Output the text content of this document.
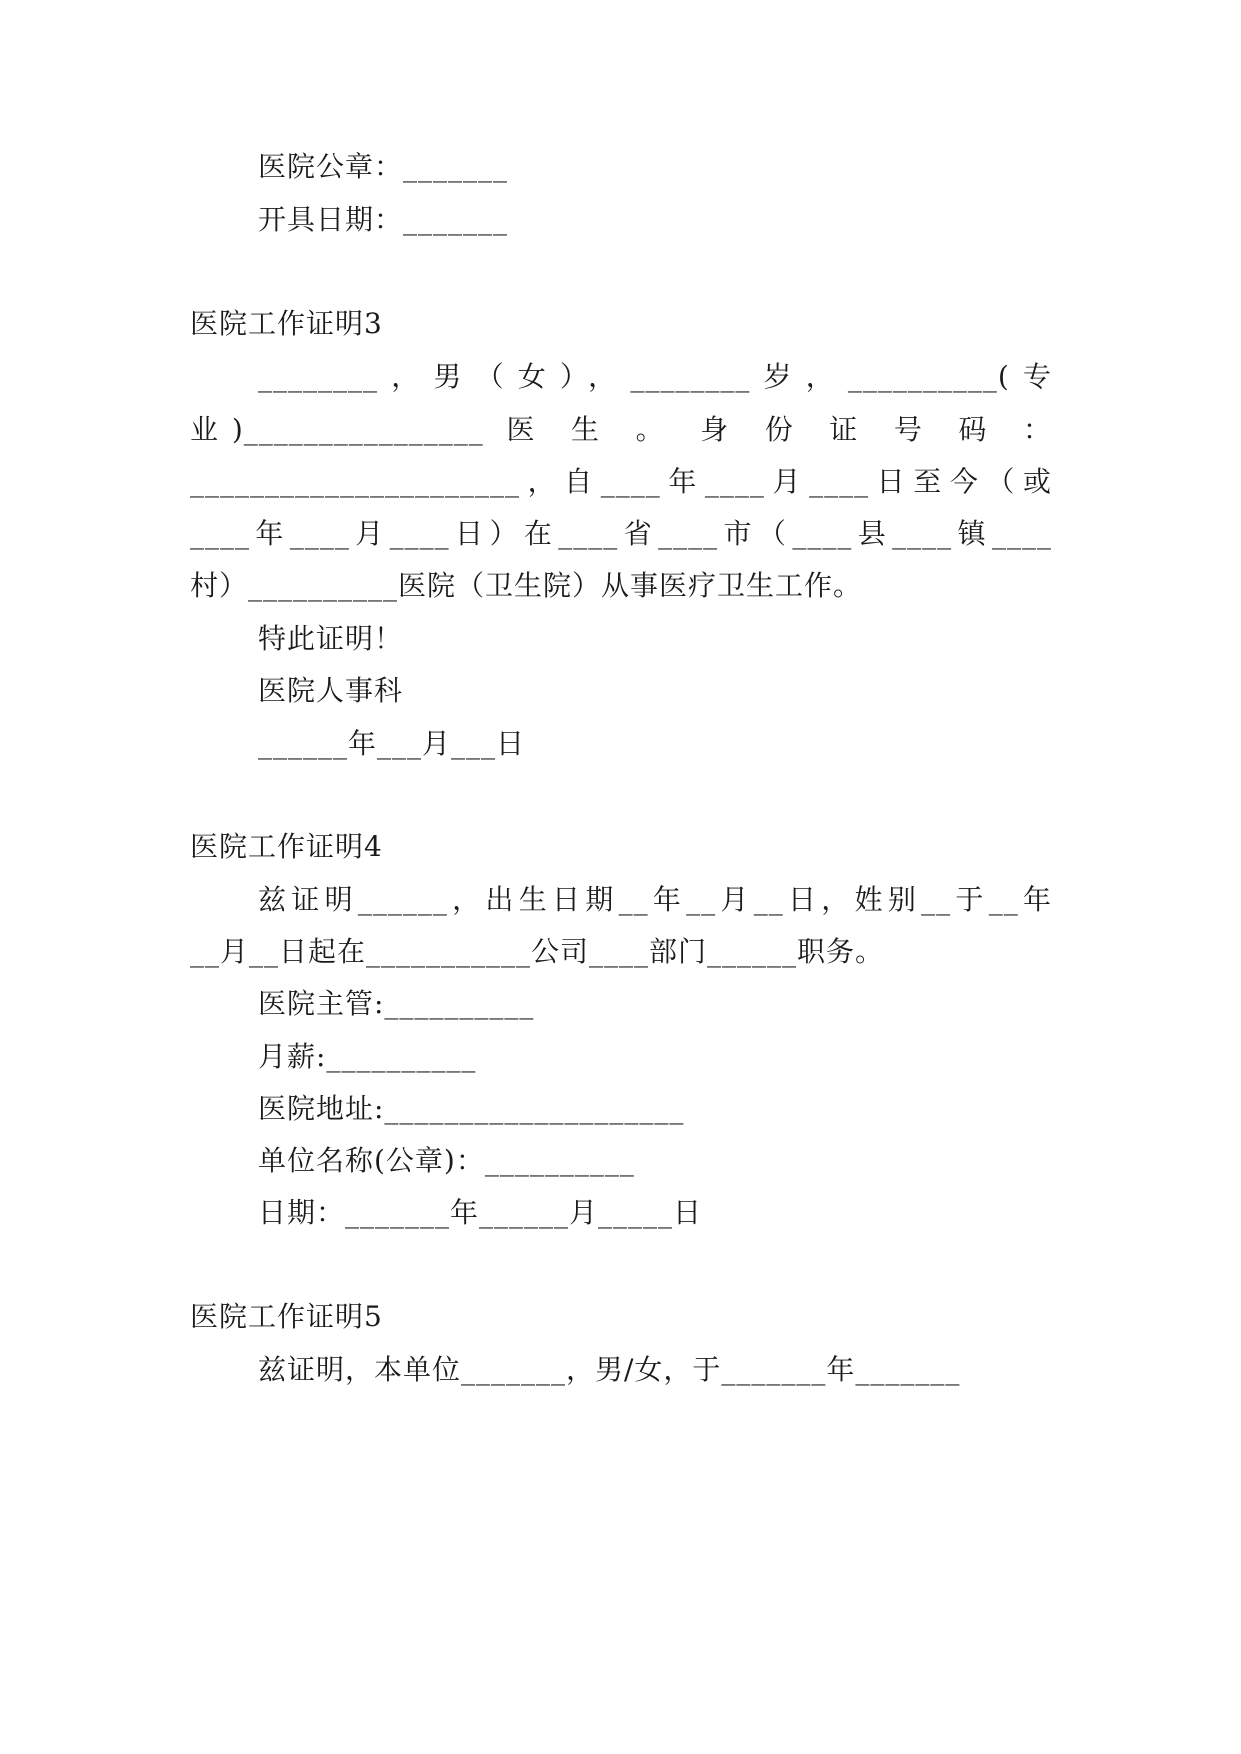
医院公章：_______
开具日期：_______
医院工作证明3
________，男（女），________岁，__________(专
业)________________ 医 生 。 身 份 证 号 码 ：
______________________，自____年____月____日至今（或
____年____月____日）在____省____市（____县____镇____
村）__________医院（卫生院）从事医疗卫生工作。
特此证明！
医院人事科
______年___月___日
医院工作证明4
兹证明______，出生日期__年__月__日，姓别__于__年
__月__日起在___________公司____部门______职务。
医院主管:__________
月薪:__________
医院地址:____________________
单位名称(公章)：__________
日期：_______年______月_____日
医院工作证明5
兹证明，本单位_______，男/女，于_______年_______
